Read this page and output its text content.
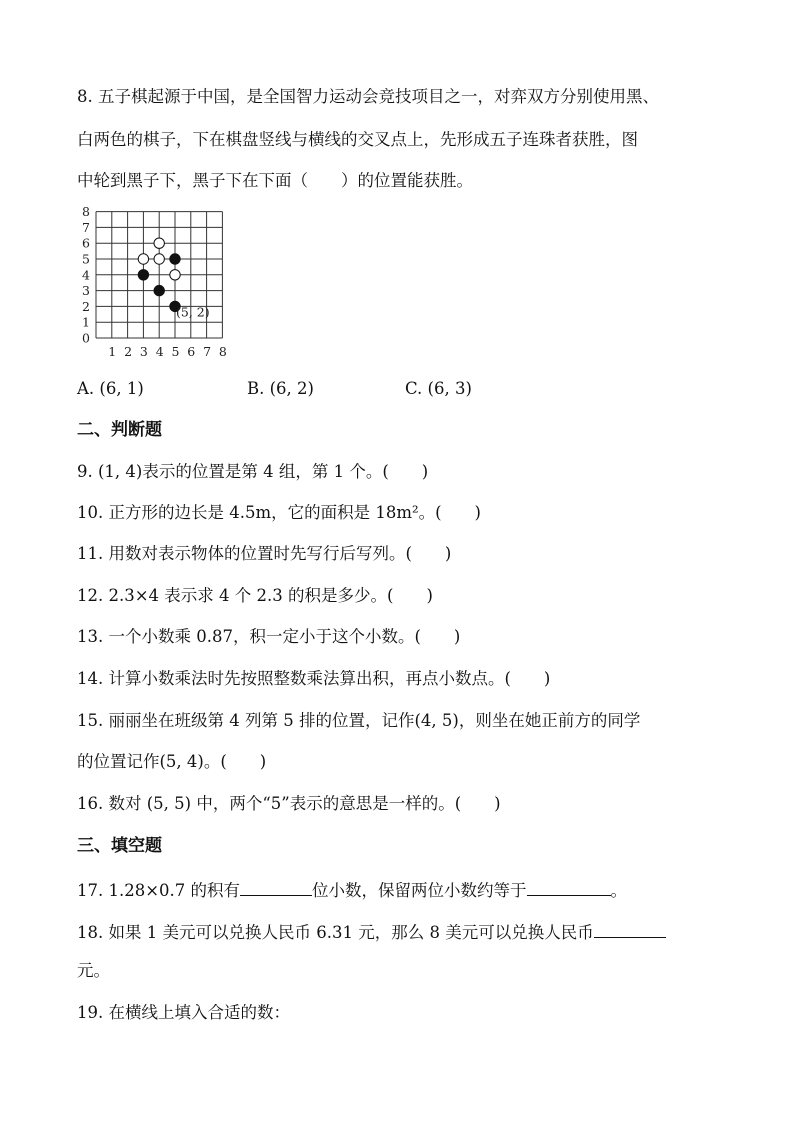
8. 五子棋起源于中国，是全国智力运动会竞技项目之一，对弈双方分别使用黑、
白两色的棋子，下在棋盘竖线与横线的交叉点上，先形成五子连珠者获胜，图
中轮到黑子下，黑子下在下面（　　）的位置能获胜。
0
1
2
3
4
5
6
7
8
1 2 3 4 5 6 7 8
(5, 2)
A. (6, 1)	B. (6, 2)	C. (6, 3)
二、判断题
9. (1, 4)表示的位置是第 4 组，第 1 个。(　　)
10. 正方形的边长是 4.5m，它的面积是 18m²。(　　)
11. 用数对表示物体的位置时先写行后写列。(　　)
12. 2.3×4 表示求 4 个 2.3 的积是多少。(　　)
13. 一个小数乘 0.87，积一定小于这个小数。(　　)
14. 计算小数乘法时先按照整数乘法算出积，再点小数点。(　　)
15. 丽丽坐在班级第 4 列第 5 排的位置，记作(4, 5)，则坐在她正前方的同学
的位置记作(5, 4)。(　　)
16. 数对 (5, 5) 中，两个“5”表示的意思是一样的。(　　)
三、填空题
17. 1.28×0.7 的积有	位小数，保留两位小数约等于	。
18. 如果 1 美元可以兑换人民币 6.31 元，那么 8 美元可以兑换人民币
元。
19. 在横线上填入合适的数：
